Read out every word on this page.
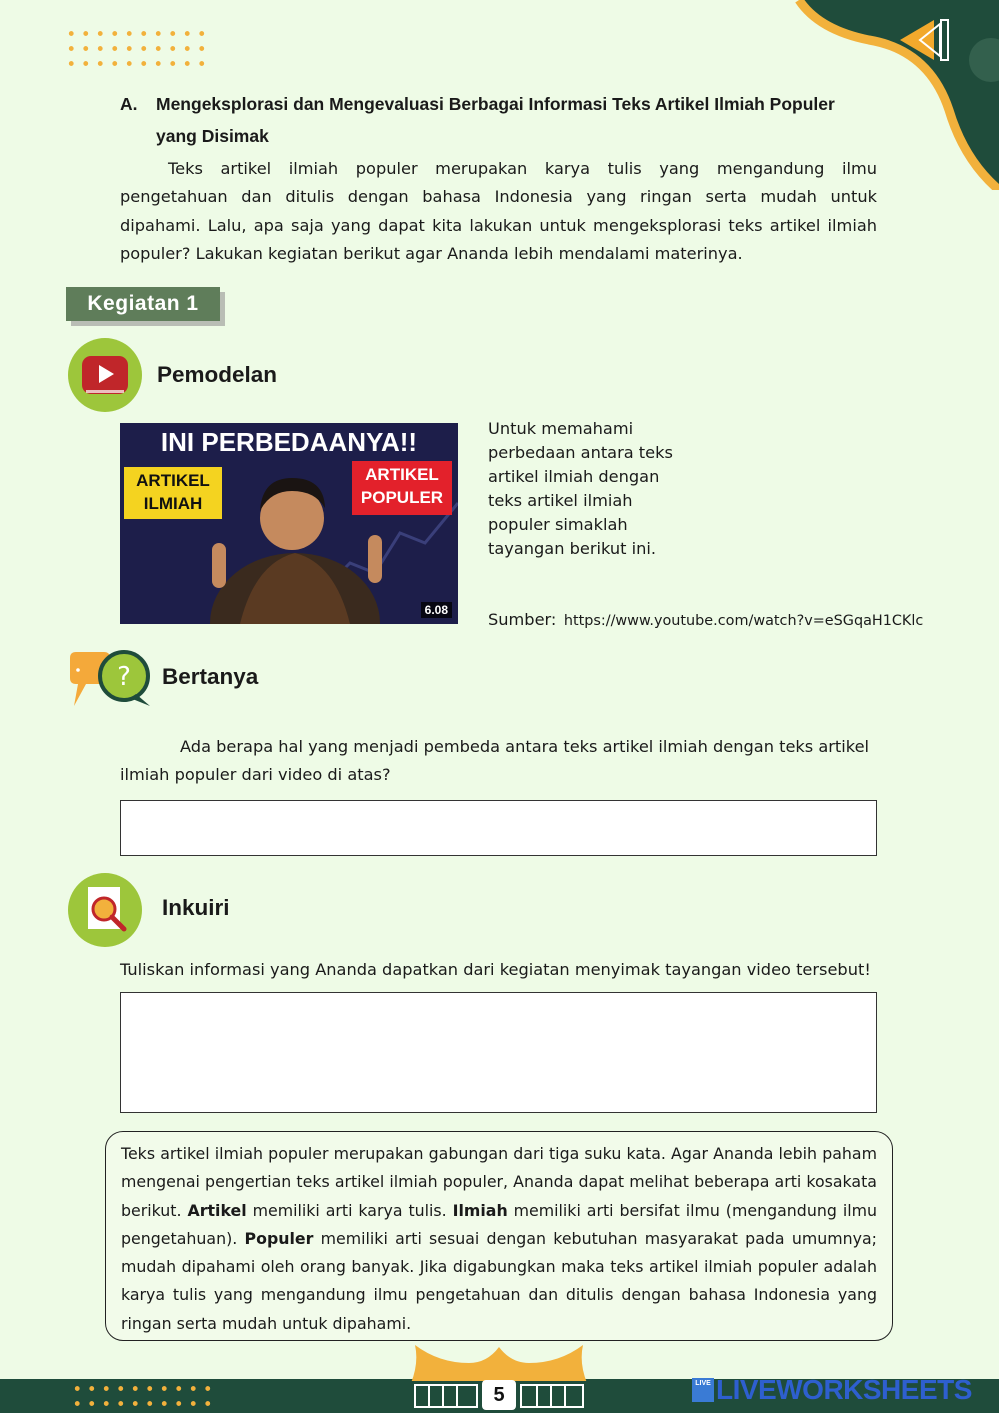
A. Mengeksplorasi dan Mengevaluasi Berbagai Informasi Teks Artikel Ilmiah Populer yang Disimak
Teks artikel ilmiah populer merupakan karya tulis yang mengandung ilmu pengetahuan dan ditulis dengan bahasa Indonesia yang ringan serta mudah untuk dipahami. Lalu, apa saja yang dapat kita lakukan untuk mengeksplorasi teks artikel ilmiah populer? Lakukan kegiatan berikut agar Ananda lebih mendalami materinya.
Kegiatan 1
Pemodelan
INI PERBEDAANYA!!
ARTIKEL ILMIAH
ARTIKEL POPULER
6.08
Untuk memahami perbedaan antara teks artikel ilmiah dengan teks artikel ilmiah populer simaklah tayangan berikut ini.
Sumber: https://www.youtube.com/watch?v=eSGqaH1CKlc
? Bertanya
Ada berapa hal yang menjadi pembeda antara teks artikel ilmiah dengan teks artikel ilmiah populer dari video di atas?
Inkuiri
Tuliskan informasi yang Ananda dapatkan dari kegiatan menyimak tayangan video tersebut!

Teks artikel ilmiah populer merupakan gabungan dari tiga suku kata. Agar Ananda lebih paham mengenai pengertian teks artikel ilmiah populer, Ananda dapat melihat beberapa arti kosakata berikut. Artikel memiliki arti karya tulis. Ilmiah memiliki arti bersifat ilmu (mengandung ilmu pengetahuan). Populer memiliki arti sesuai dengan kebutuhan masyarakat pada umumnya; mudah dipahami oleh orang banyak. Jika digabungkan maka teks artikel ilmiah populer adalah karya tulis yang mengandung ilmu pengetahuan dan ditulis dengan bahasa Indonesia yang ringan serta mudah untuk dipahami.

5
LIVE LIVEWORKSHEETS
